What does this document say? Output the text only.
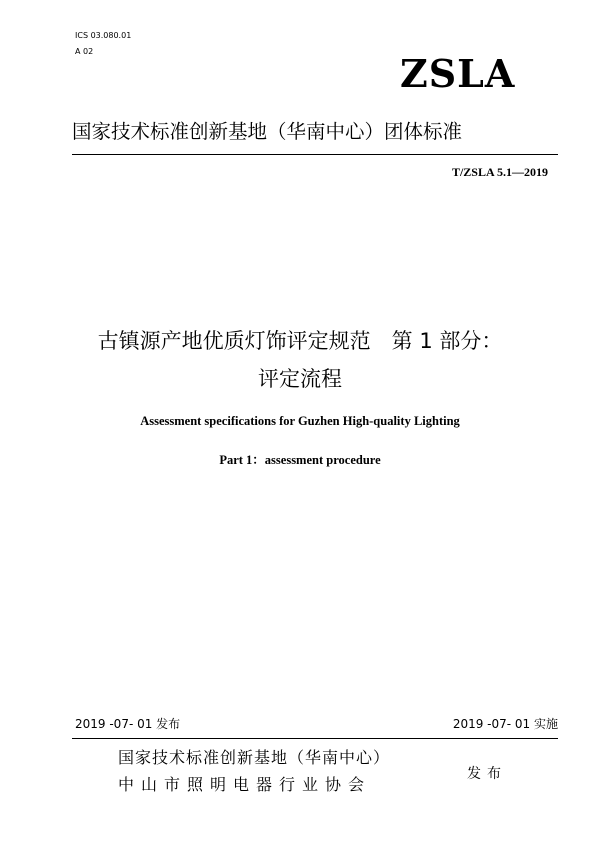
ICS 03.080.01
A 02	ZSLA
国家技术标准创新基地（华南中心）团体标准
T/ZSLA 5.1—2019
古镇源产地优质灯饰评定规范　第 1 部分：
评定流程
Assessment specifications for Guzhen High-quality Lighting
Part 1：assessment procedure
2019 -07- 01 发布	2019 -07- 01 实施
国家技术标准创新基地（华南中心）
中山市照明电器行业协会
发布
